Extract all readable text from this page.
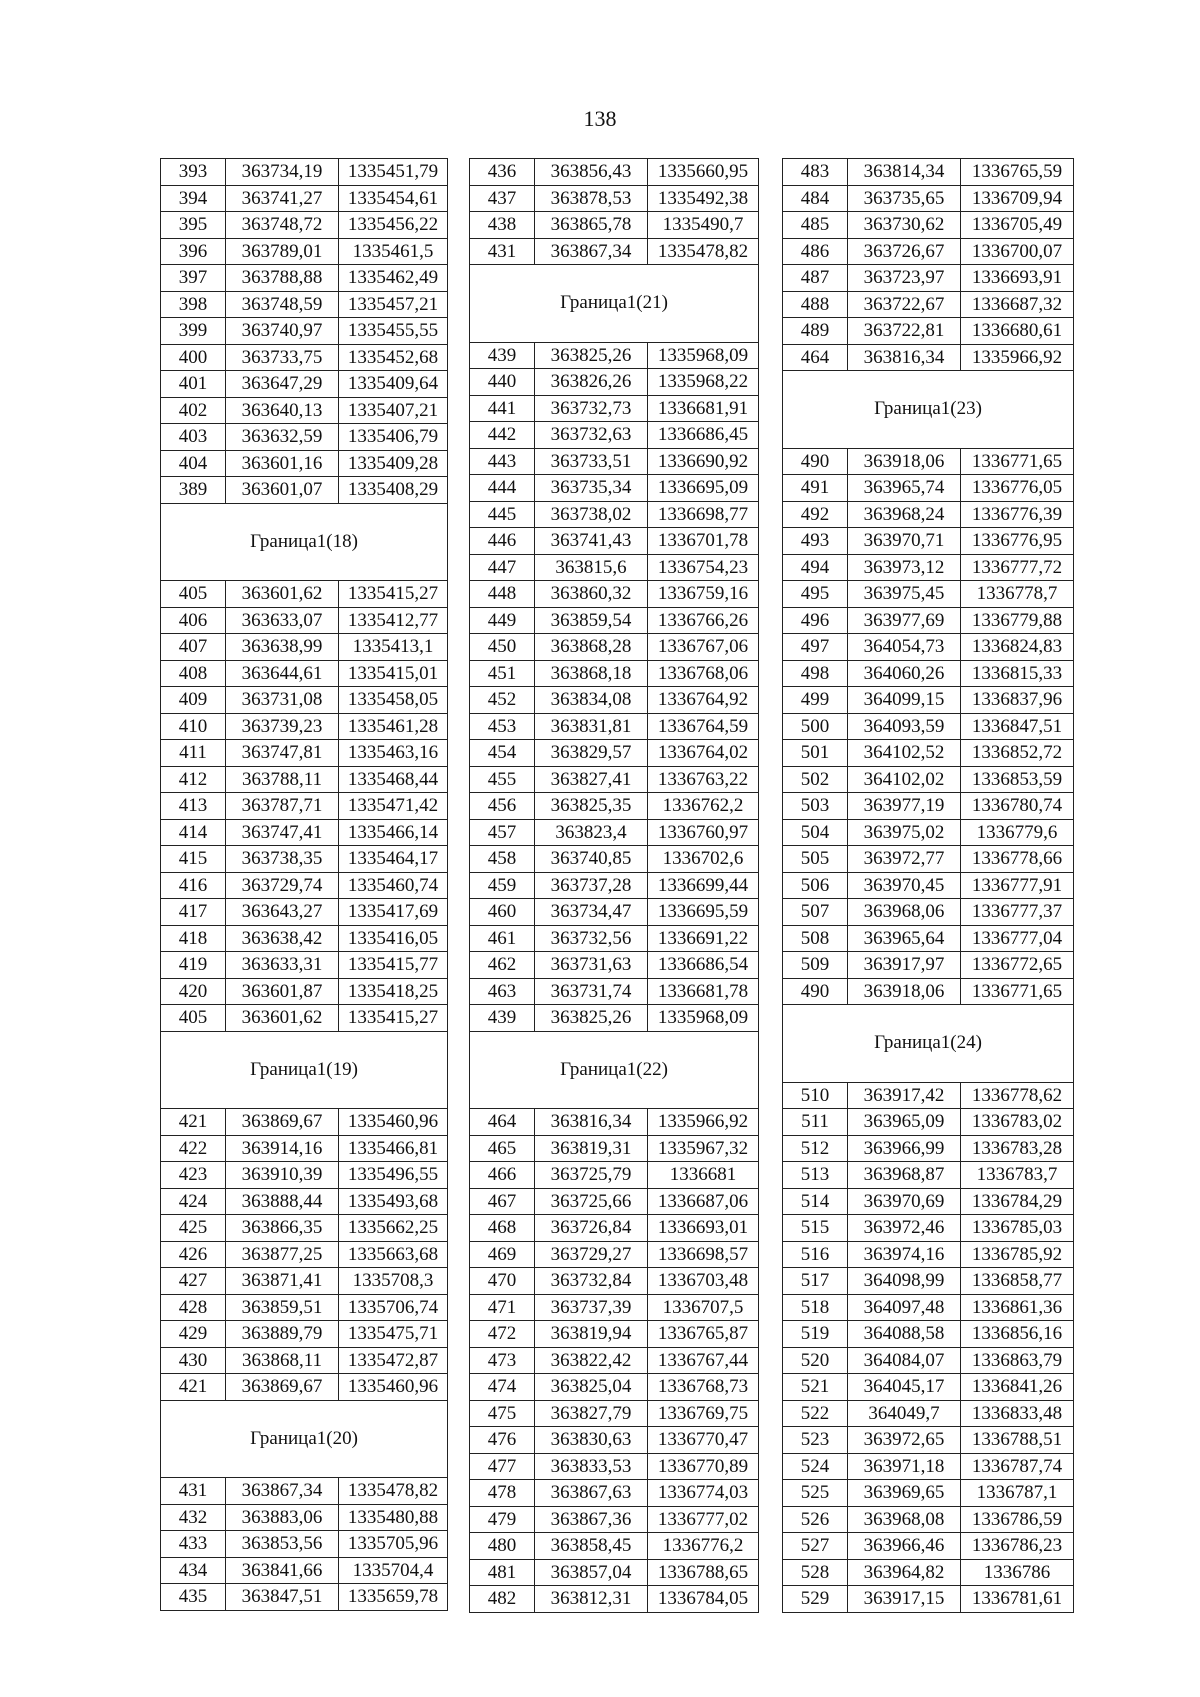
138
393	363734,19	1335451,79
394	363741,27	1335454,61
395	363748,72	1335456,22
396	363789,01	1335461,5
397	363788,88	1335462,49
398	363748,59	1335457,21
399	363740,97	1335455,55
400	363733,75	1335452,68
401	363647,29	1335409,64
402	363640,13	1335407,21
403	363632,59	1335406,79
404	363601,16	1335409,28
389	363601,07	1335408,29
Граница1(18)
405	363601,62	1335415,27
406	363633,07	1335412,77
407	363638,99	1335413,1
408	363644,61	1335415,01
409	363731,08	1335458,05
410	363739,23	1335461,28
411	363747,81	1335463,16
412	363788,11	1335468,44
413	363787,71	1335471,42
414	363747,41	1335466,14
415	363738,35	1335464,17
416	363729,74	1335460,74
417	363643,27	1335417,69
418	363638,42	1335416,05
419	363633,31	1335415,77
420	363601,87	1335418,25
405	363601,62	1335415,27
Граница1(19)
421	363869,67	1335460,96
422	363914,16	1335466,81
423	363910,39	1335496,55
424	363888,44	1335493,68
425	363866,35	1335662,25
426	363877,25	1335663,68
427	363871,41	1335708,3
428	363859,51	1335706,74
429	363889,79	1335475,71
430	363868,11	1335472,87
421	363869,67	1335460,96
Граница1(20)
431	363867,34	1335478,82
432	363883,06	1335480,88
433	363853,56	1335705,96
434	363841,66	1335704,4
435	363847,51	1335659,78
436	363856,43	1335660,95
437	363878,53	1335492,38
438	363865,78	1335490,7
431	363867,34	1335478,82
Граница1(21)
439	363825,26	1335968,09
440	363826,26	1335968,22
441	363732,73	1336681,91
442	363732,63	1336686,45
443	363733,51	1336690,92
444	363735,34	1336695,09
445	363738,02	1336698,77
446	363741,43	1336701,78
447	363815,6	1336754,23
448	363860,32	1336759,16
449	363859,54	1336766,26
450	363868,28	1336767,06
451	363868,18	1336768,06
452	363834,08	1336764,92
453	363831,81	1336764,59
454	363829,57	1336764,02
455	363827,41	1336763,22
456	363825,35	1336762,2
457	363823,4	1336760,97
458	363740,85	1336702,6
459	363737,28	1336699,44
460	363734,47	1336695,59
461	363732,56	1336691,22
462	363731,63	1336686,54
463	363731,74	1336681,78
439	363825,26	1335968,09
Граница1(22)
464	363816,34	1335966,92
465	363819,31	1335967,32
466	363725,79	1336681
467	363725,66	1336687,06
468	363726,84	1336693,01
469	363729,27	1336698,57
470	363732,84	1336703,48
471	363737,39	1336707,5
472	363819,94	1336765,87
473	363822,42	1336767,44
474	363825,04	1336768,73
475	363827,79	1336769,75
476	363830,63	1336770,47
477	363833,53	1336770,89
478	363867,63	1336774,03
479	363867,36	1336777,02
480	363858,45	1336776,2
481	363857,04	1336788,65
482	363812,31	1336784,05
483	363814,34	1336765,59
484	363735,65	1336709,94
485	363730,62	1336705,49
486	363726,67	1336700,07
487	363723,97	1336693,91
488	363722,67	1336687,32
489	363722,81	1336680,61
464	363816,34	1335966,92
Граница1(23)
490	363918,06	1336771,65
491	363965,74	1336776,05
492	363968,24	1336776,39
493	363970,71	1336776,95
494	363973,12	1336777,72
495	363975,45	1336778,7
496	363977,69	1336779,88
497	364054,73	1336824,83
498	364060,26	1336815,33
499	364099,15	1336837,96
500	364093,59	1336847,51
501	364102,52	1336852,72
502	364102,02	1336853,59
503	363977,19	1336780,74
504	363975,02	1336779,6
505	363972,77	1336778,66
506	363970,45	1336777,91
507	363968,06	1336777,37
508	363965,64	1336777,04
509	363917,97	1336772,65
490	363918,06	1336771,65
Граница1(24)
510	363917,42	1336778,62
511	363965,09	1336783,02
512	363966,99	1336783,28
513	363968,87	1336783,7
514	363970,69	1336784,29
515	363972,46	1336785,03
516	363974,16	1336785,92
517	364098,99	1336858,77
518	364097,48	1336861,36
519	364088,58	1336856,16
520	364084,07	1336863,79
521	364045,17	1336841,26
522	364049,7	1336833,48
523	363972,65	1336788,51
524	363971,18	1336787,74
525	363969,65	1336787,1
526	363968,08	1336786,59
527	363966,46	1336786,23
528	363964,82	1336786
529	363917,15	1336781,61
